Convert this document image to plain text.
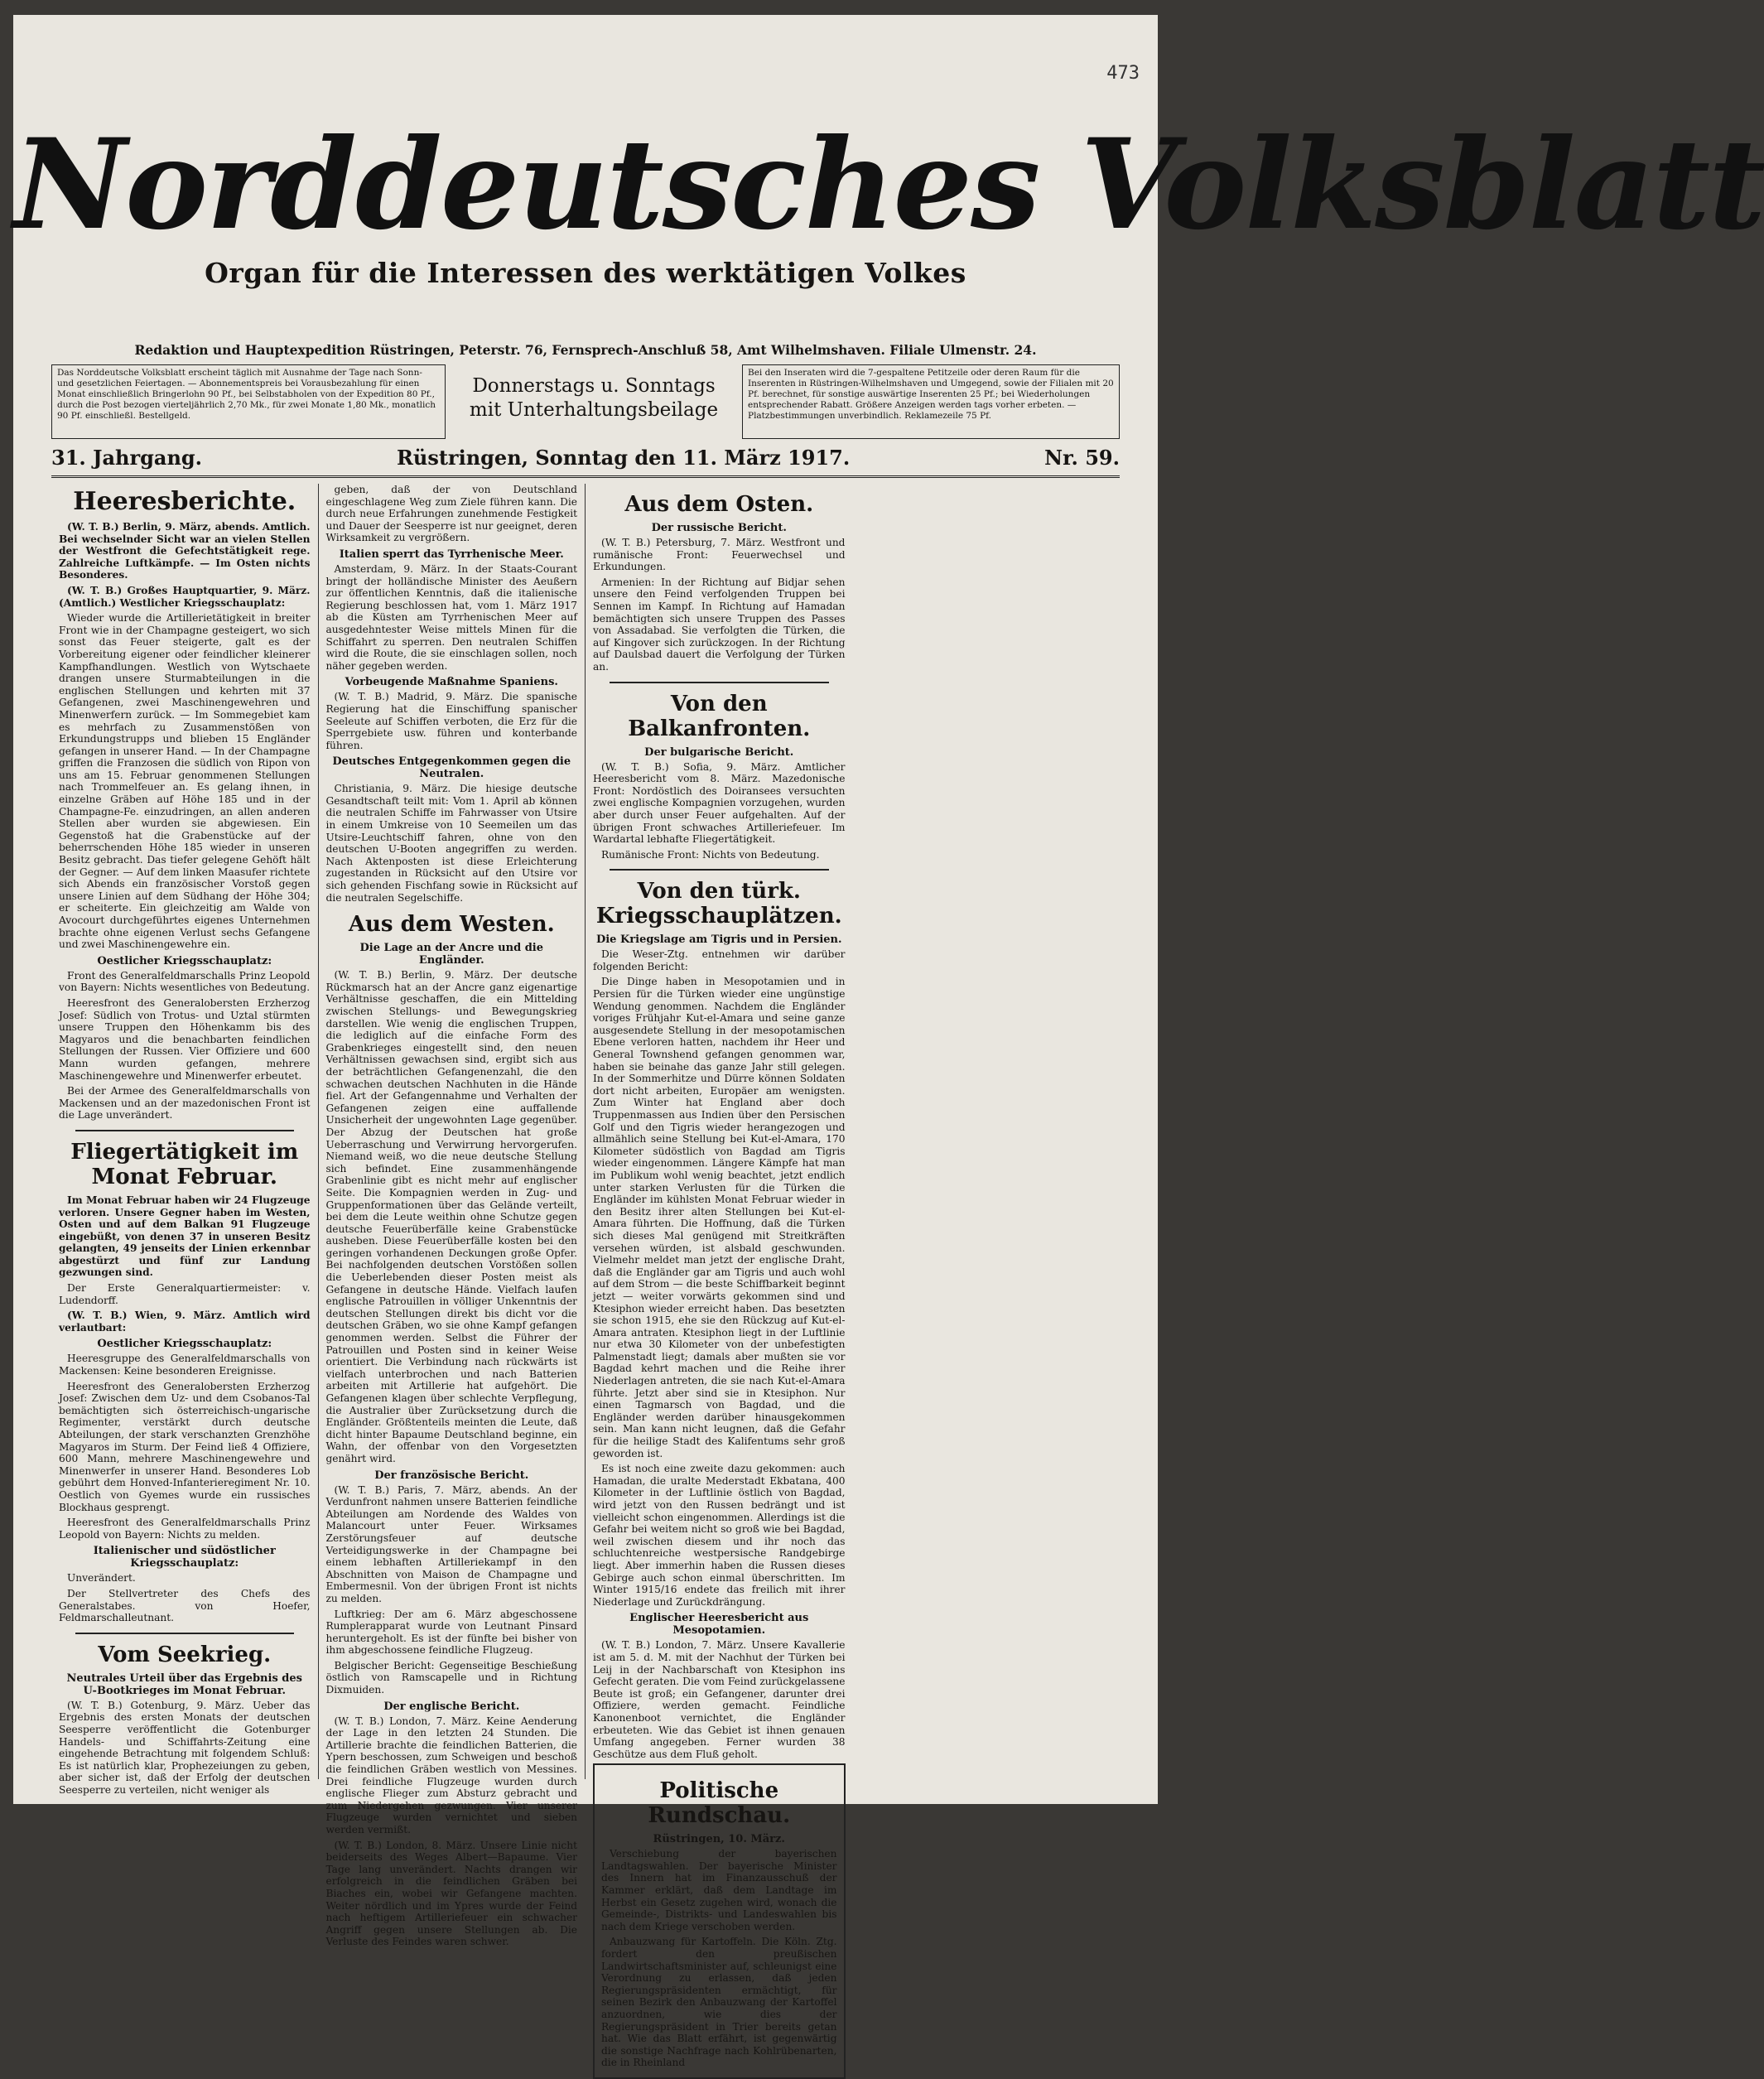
473
Norddeutsches Volksblatt
Organ für die Interessen des werktätigen Volkes
Redaktion und Hauptexpedition Rüstringen, Peterstr. 76, Fernsprech-Anschluß 58, Amt Wilhelmshaven. Filiale Ulmenstr. 24.
Das Norddeutsche Volksblatt erscheint täglich mit Ausnahme der Tage nach Sonn- und gesetzlichen Feiertagen. — Abonnementspreis bei Vorausbezahlung für einen Monat einschließlich Bringerlohn 90 Pf., bei Selbstabholen von der Expedition 80 Pf., durch die Post bezogen vierteljährlich 2,70 Mk., für zwei Monate 1,80 Mk., monatlich 90 Pf. einschließl. Bestellgeld.
Donnerstags u. Sonntags mit Unterhaltungsbeilage
Bei den Inseraten wird die 7-gespaltene Petitzeile oder deren Raum für die Inserenten in Rüstringen-Wilhelmshaven und Umgegend, sowie der Filialen mit 20 Pf. berechnet, für sonstige auswärtige Inserenten 25 Pf.; bei Wiederholungen entsprechender Rabatt. Größere Anzeigen werden tags vorher erbeten. — Platzbestimmungen unverbindlich. Reklamezeile 75 Pf.
31. Jahrgang.	Rüstringen, Sonntag den 11. März 1917.	Nr. 59.
Heeresberichte.

(W. T. B.) Berlin, 9. März, abends. Amtlich. Bei wechselnder Sicht war an vielen Stellen der Westfront die Gefechtstätigkeit rege. Zahlreiche Luftkämpfe. — Im Osten nichts Besonderes.

(W. T. B.) Großes Hauptquartier, 9. März. (Amtlich.) Westlicher Kriegsschauplatz:

Wieder wurde die Artillerietätigkeit in breiter Front wie in der Champagne gesteigert, wo sich sonst das Feuer steigerte, galt es der Vorbereitung eigener oder feindlicher kleinerer Kampfhandlungen. Westlich von Wytschaete drangen unsere Sturmabteilungen in die englischen Stellungen und kehrten mit 37 Gefangenen, zwei Maschinengewehren und Minenwerfern zurück. — Im Sommegebiet kam es mehrfach zu Zusammenstößen von Erkundungstrupps und blieben 15 Engländer gefangen in unserer Hand. — In der Champagne griffen die Franzosen die südlich von Ripon von uns am 15. Februar genommenen Stellungen nach Trommelfeuer an. Es gelang ihnen, in einzelne Gräben auf Höhe 185 und in der Champagne-Fe. einzudringen, an allen anderen Stellen aber wurden sie abgewiesen. Ein Gegenstoß hat die Grabenstücke auf der beherrschenden Höhe 185 wieder in unseren Besitz gebracht. Das tiefer gelegene Gehöft hält der Gegner. — Auf dem linken Maasufer richtete sich Abends ein französischer Vorstoß gegen unsere Linien auf dem Südhang der Höhe 304; er scheiterte. Ein gleichzeitig am Walde von Avocourt durchgeführtes eigenes Unternehmen brachte ohne eigenen Verlust sechs Gefangene und zwei Maschinengewehre ein.

Oestlicher Kriegsschauplatz:

Front des Generalfeldmarschalls Prinz Leopold von Bayern: Nichts wesentliches von Bedeutung.

Heeresfront des Generalobersten Erzherzog Josef: Südlich von Trotus- und Uztal stürmten unsere Truppen den Höhenkamm bis des Magyaros und die benachbarten feindlichen Stellungen der Russen. Vier Offiziere und 600 Mann wurden gefangen, mehrere Maschinengewehre und Minenwerfer erbeutet.

Bei der Armee des Generalfeldmarschalls von Mackensen und an der mazedonischen Front ist die Lage unverändert.

Fliegertätigkeit im Monat Februar.

Im Monat Februar haben wir 24 Flugzeuge verloren. Unsere Gegner haben im Westen, Osten und auf dem Balkan 91 Flugzeuge eingebüßt, von denen 37 in unseren Besitz gelangten, 49 jenseits der Linien erkennbar abgestürzt und fünf zur Landung gezwungen sind.

Der Erste Generalquartiermeister: v. Ludendorff.

(W. T. B.) Wien, 9. März. Amtlich wird verlautbart:

Oestlicher Kriegsschauplatz:

Heeresgruppe des Generalfeldmarschalls von Mackensen: Keine besonderen Ereignisse.

Heeresfront des Generalobersten Erzherzog Josef: Zwischen dem Uz- und dem Csobanos-Tal bemächtigten sich österreichisch-ungarische Regimenter, verstärkt durch deutsche Abteilungen, der stark verschanzten Grenzhöhe Magyaros im Sturm. Der Feind ließ 4 Offiziere, 600 Mann, mehrere Maschinengewehre und Minenwerfer in unserer Hand. Besonderes Lob gebührt dem Honved-Infanterieregiment Nr. 10. Oestlich von Gyemes wurde ein russisches Blockhaus gesprengt.

Heeresfront des Generalfeldmarschalls Prinz Leopold von Bayern: Nichts zu melden.

Italienischer und südöstlicher Kriegsschauplatz:

Unverändert.

Der Stellvertreter des Chefs des Generalstabes. von Hoefer, Feldmarschalleutnant.

Vom Seekrieg.
Neutrales Urteil über das Ergebnis des U-Bootkrieges im Monat Februar.

(W. T. B.) Gotenburg, 9. März. Ueber das Ergebnis des ersten Monats der deutschen Seesperre veröffentlicht die Gotenburger Handels- und Schiffahrts-Zeitung eine eingehende Betrachtung mit folgendem Schluß: Es ist natürlich klar, Prophezeiungen zu geben, aber sicher ist, daß der Erfolg der deutschen Seesperre zu verteilen, nicht weniger als

geben, daß der von Deutschland eingeschlagene Weg zum Ziele führen kann. Die durch neue Erfahrungen zunehmende Festigkeit und Dauer der Seesperre ist nur geeignet, deren Wirksamkeit zu vergrößern.

Italien sperrt das Tyrrhenische Meer.

Amsterdam, 9. März. In der Staats-Courant bringt der holländische Minister des Aeußern zur öffentlichen Kenntnis, daß die italienische Regierung beschlossen hat, vom 1. März 1917 ab die Küsten am Tyrrhenischen Meer auf ausgedehntester Weise mittels Minen für die Schiffahrt zu sperren. Den neutralen Schiffen wird die Route, die sie einschlagen sollen, noch näher gegeben werden.

Vorbeugende Maßnahme Spaniens.

(W. T. B.) Madrid, 9. März. Die spanische Regierung hat die Einschiffung spanischer Seeleute auf Schiffen verboten, die Erz für die Sperrgebiete usw. führen und konterbande führen.

Deutsches Entgegenkommen gegen die Neutralen.

Christiania, 9. März. Die hiesige deutsche Gesandtschaft teilt mit: Vom 1. April ab können die neutralen Schiffe im Fahrwasser von Utsire in einem Umkreise von 10 Seemeilen um das Utsire-Leuchtschiff fahren, ohne von den deutschen U-Booten angegriffen zu werden. Nach Aktenposten ist diese Erleichterung zugestanden in Rücksicht auf den Utsire vor sich gehenden Fischfang sowie in Rücksicht auf die neutralen Segelschiffe.

Aus dem Westen.
Die Lage an der Ancre und die Engländer.

(W. T. B.) Berlin, 9. März. Der deutsche Rückmarsch hat an der Ancre ganz eigenartige Verhältnisse geschaffen, die ein Mittelding zwischen Stellungs- und Bewegungskrieg darstellen. Wie wenig die englischen Truppen, die lediglich auf die einfache Form des Grabenkrieges eingestellt sind, den neuen Verhältnissen gewachsen sind, ergibt sich aus der beträchtlichen Gefangenenzahl, die den schwachen deutschen Nachhuten in die Hände fiel. Art der Gefangennahme und Verhalten der Gefangenen zeigen eine auffallende Unsicherheit der ungewohnten Lage gegenüber. Der Abzug der Deutschen hat große Ueberraschung und Verwirrung hervorgerufen. Niemand weiß, wo die neue deutsche Stellung sich befindet. Eine zusammenhängende Grabenlinie gibt es nicht mehr auf englischer Seite. Die Kompagnien werden in Zug- und Gruppenformationen über das Gelände verteilt, bei dem die Leute weithin ohne Schutze gegen deutsche Feuerüberfälle keine Grabenstücke ausheben. Diese Feuerüberfälle kosten bei den geringen vorhandenen Deckungen große Opfer. Bei nachfolgenden deutschen Vorstößen sollen die Ueberlebenden dieser Posten meist als Gefangene in deutsche Hände. Vielfach laufen englische Patrouillen in völliger Unkenntnis der deutschen Stellungen direkt bis dicht vor die deutschen Gräben, wo sie ohne Kampf gefangen genommen werden. Selbst die Führer der Patrouillen und Posten sind in keiner Weise orientiert. Die Verbindung nach rückwärts ist vielfach unterbrochen und nach Batterien arbeiten mit Artillerie hat aufgehört. Die Gefangenen klagen über schlechte Verpflegung, die Australier über Zurücksetzung durch die Engländer. Größtenteils meinten die Leute, daß dicht hinter Bapaume Deutschland beginne, ein Wahn, der offenbar von den Vorgesetzten genährt wird.

Der französische Bericht.

(W. T. B.) Paris, 7. März, abends. An der Verdunfront nahmen unsere Batterien feindliche Abteilungen am Nordende des Waldes von Malancourt unter Feuer. Wirksames Zerstörungsfeuer auf deutsche Verteidigungswerke in der Champagne bei einem lebhaften Artilleriekampf in den Abschnitten von Maison de Champagne und Embermesnil. Von der übrigen Front ist nichts zu melden.

Luftkrieg: Der am 6. März abgeschossene Rumplerapparat wurde von Leutnant Pinsard heruntergeholt. Es ist der fünfte bei bisher von ihm abgeschossene feindliche Flugzeug.

Belgischer Bericht: Gegenseitige Beschießung östlich von Ramscapelle und in Richtung Dixmuiden.

Der englische Bericht.

(W. T. B.) London, 7. März. Keine Aenderung der Lage in den letzten 24 Stunden. Die Artillerie brachte die feindlichen Batterien, die Ypern beschossen, zum Schweigen und beschoß die feindlichen Gräben westlich von Messines. Drei feindliche Flugzeuge wurden durch englische Flieger zum Absturz gebracht und zum Niedergehen gezwungen. Vier unserer Flugzeuge wurden vernichtet und sieben werden vermißt.

(W. T. B.) London, 8. März. Unsere Linie nicht beiderseits des Weges Albert—Bapaume. Vier Tage lang unverändert. Nachts drangen wir erfolgreich in die feindlichen Gräben bei Biaches ein, wobei wir Gefangene machten. Weiter nördlich und im Ypres wurde der Feind nach heftigem Artilleriefeuer ein schwacher Angriff gegen unsere Stellungen ab. Die Verluste des Feindes waren schwer.

Aus dem Osten.
Der russische Bericht.

(W. T. B.) Petersburg, 7. März. Westfront und rumänische Front: Feuerwechsel und Erkundungen.

Armenien: In der Richtung auf Bidjar sehen unsere den Feind verfolgenden Truppen bei Sennen im Kampf. In Richtung auf Hamadan bemächtigten sich unsere Truppen des Passes von Assadabad. Sie verfolgten die Türken, die auf Kingover sich zurückzogen. In der Richtung auf Daulsbad dauert die Verfolgung der Türken an.

Von den Balkanfronten.
Der bulgarische Bericht.

(W. T. B.) Sofia, 9. März. Amtlicher Heeresbericht vom 8. März. Mazedonische Front: Nordöstlich des Doiransees versuchten zwei englische Kompagnien vorzugehen, wurden aber durch unser Feuer aufgehalten. Auf der übrigen Front schwaches Artilleriefeuer. Im Wardartal lebhafte Fliegertätigkeit.

Rumänische Front: Nichts von Bedeutung.

Von den türk. Kriegsschauplätzen.
Die Kriegslage am Tigris und in Persien.

Die Weser-Ztg. entnehmen wir darüber folgenden Bericht:

Die Dinge haben in Mesopotamien und in Persien für die Türken wieder eine ungünstige Wendung genommen. Nachdem die Engländer voriges Frühjahr Kut-el-Amara und seine ganze ausgesendete Stellung in der mesopotamischen Ebene verloren hatten, nachdem ihr Heer und General Townshend gefangen genommen war, haben sie beinahe das ganze Jahr still gelegen. In der Sommerhitze und Dürre können Soldaten dort nicht arbeiten, Europäer am wenigsten. Zum Winter hat England aber doch Truppenmassen aus Indien über den Persischen Golf und den Tigris wieder herangezogen und allmählich seine Stellung bei Kut-el-Amara, 170 Kilometer südöstlich von Bagdad am Tigris wieder eingenommen. Längere Kämpfe hat man im Publikum wohl wenig beachtet, jetzt endlich unter starken Verlusten für die Türken die Engländer im kühlsten Monat Februar wieder in den Besitz ihrer alten Stellungen bei Kut-el-Amara führten. Die Hoffnung, daß die Türken sich dieses Mal genügend mit Streitkräften versehen würden, ist alsbald geschwunden. Vielmehr meldet man jetzt der englische Draht, daß die Engländer gar am Tigris und auch wohl auf dem Strom — die beste Schiffbarkeit beginnt jetzt — weiter vorwärts gekommen sind und Ktesiphon wieder erreicht haben. Das besetzten sie schon 1915, ehe sie den Rückzug auf Kut-el-Amara antraten. Ktesiphon liegt in der Luftlinie nur etwa 30 Kilometer von der unbefestigten Palmenstadt liegt; damals aber mußten sie vor Bagdad kehrt machen und die Reihe ihrer Niederlagen antreten, die sie nach Kut-el-Amara führte. Jetzt aber sind sie in Ktesiphon. Nur einen Tagmarsch von Bagdad, und die Engländer werden darüber hinausgekommen sein. Man kann nicht leugnen, daß die Gefahr für die heilige Stadt des Kalifentums sehr groß geworden ist.

Es ist noch eine zweite dazu gekommen: auch Hamadan, die uralte Mederstadt Ekbatana, 400 Kilometer in der Luftlinie östlich von Bagdad, wird jetzt von den Russen bedrängt und ist vielleicht schon eingenommen. Allerdings ist die Gefahr bei weitem nicht so groß wie bei Bagdad, weil zwischen diesem und ihr noch das schluchtenreiche westpersische Randgebirge liegt. Aber immerhin haben die Russen dieses Gebirge auch schon einmal überschritten. Im Winter 1915/16 endete das freilich mit ihrer Niederlage und Zurückdrängung.

Englischer Heeresbericht aus Mesopotamien.

(W. T. B.) London, 7. März. Unsere Kavallerie ist am 5. d. M. mit der Nachhut der Türken bei Leij in der Nachbarschaft von Ktesiphon ins Gefecht geraten. Die vom Feind zurückgelassene Beute ist groß; ein Gefangener, darunter drei Offiziere, werden gemacht. Feindliche Kanonenboot vernichtet, die Engländer erbeuteten. Wie das Gebiet ist ihnen genauen Umfang angegeben. Ferner wurden 38 Geschütze aus dem Fluß geholt.

Politische Rundschau.
Rüstringen, 10. März.

Verschiebung der bayerischen Landtagswahlen. Der bayerische Minister des Innern hat im Finanzausschuß der Kammer erklärt, daß dem Landtage im Herbst ein Gesetz zugehen wird, wonach die Gemeinde-, Distrikts- und Landeswahlen bis nach dem Kriege verschoben werden.

Anbauzwang für Kartoffeln. Die Köln. Ztg. fordert den preußischen Landwirtschaftsminister auf, schleunigst eine Verordnung zu erlassen, daß jeden Regierungspräsidenten ermächtigt, für seinen Bezirk den Anbauzwang der Kartoffel anzuordnen, wie dies der Regierungspräsident in Trier bereits getan hat. Wie das Blatt erfährt, ist gegenwärtig die sonstige Nachfrage nach Kohlrübenarten, die in Rheinland
